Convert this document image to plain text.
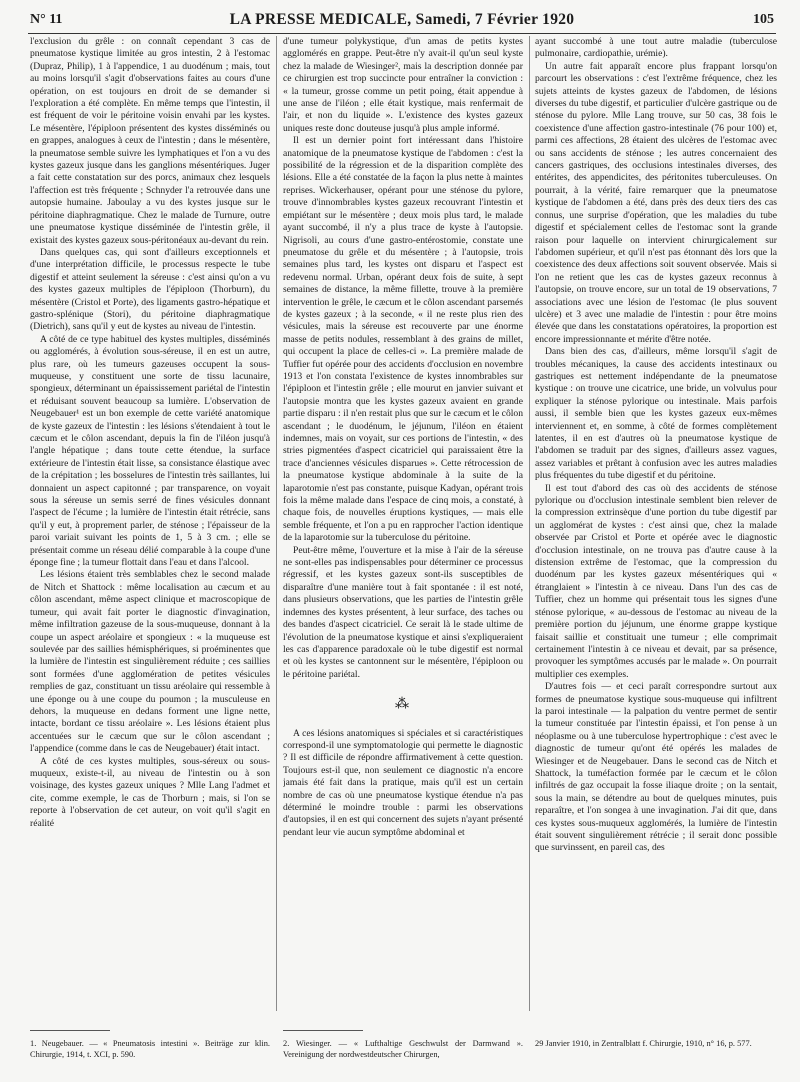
N° 11	LA PRESSE MEDICALE, Samedi, 7 Février 1920	105

l'exclusion du grêle : on connaît cependant 3 cas de pneumatose kystique limitée au gros intestin, 2 à l'estomac (Dupraz, Philip), 1 à l'appendice, 1 au duodénum ; mais, tout au moins lorsqu'il s'agit d'observations faites au cours d'une opération, on est toujours en droit de se demander si l'exploration a été complète. En même temps que l'intestin, il est fréquent de voir le péritoine voisin envahi par les kystes. Le mésentère, l'épiploon présentent des kystes disséminés ou en grappes, analogues à ceux de l'intestin ; dans le mésentère, la pneumatose semble suivre les lymphatiques et l'on a vu des kystes gazeux jusque dans les ganglions mésentériques. Juger a fait cette constatation sur des porcs, animaux chez lesquels l'affection est très fréquente ; Schnyder l'a retrouvée dans une autopsie humaine. Jaboulay a vu des kystes jusque sur le péritoine diaphragmatique. Chez le malade de Turnure, outre une pneumatose kystique disséminée de l'intestin grêle, il existait des kystes gazeux sous-péritonéaux au-devant du rein.

Dans quelques cas, qui sont d'ailleurs exceptionnels et d'une interprétation difficile, le processus respecte le tube digestif et atteint seulement la séreuse : c'est ainsi qu'on a vu des kystes gazeux multiples de l'épiploon (Thorburn), du mésentère (Cristol et Porte), des ligaments gastro-hépatique et gastro-splénique (Stori), du péritoine diaphragmatique (Dietrich), sans qu'il y eut de kystes au niveau de l'intestin.

A côté de ce type habituel des kystes multiples, disséminés ou agglomérés, à évolution sous-séreuse, il en est un autre, plus rare, où les tumeurs gazeuses occupent la sous-muqueuse, y constituent une sorte de tissu lacunaire, spongieux, déterminant un épaississement pariétal de l'intestin et réduisant souvent beaucoup sa lumière. L'observation de Neugebauer¹ est un bon exemple de cette variété anatomique de kyste gazeux de l'intestin : les lésions s'étendaient à tout le cæcum et le côlon ascendant, depuis la fin de l'iléon jusqu'à l'angle hépatique ; dans toute cette étendue, la surface extérieure de l'intestin était lisse, sa consistance élastique avec de la crépitation ; les bosselures de l'intestin très saillantes, lui donnaient un aspect capitonné ; par transparence, on voyait sous la séreuse un semis serré de fines vésicules donnant l'aspect de l'écume ; la lumière de l'intestin était rétrécie, sans qu'il y eut, à proprement parler, de sténose ; l'épaisseur de la paroi variait suivant les points de 1, 5 à 3 cm. ; elle se présentait comme un réseau délié comparable à la coupe d'une éponge fine ; la tumeur flottait dans l'eau et dans l'alcool.

Les lésions étaient très semblables chez le second malade de Nitch et Shattock : même localisation au cæcum et au côlon ascendant, même aspect clinique et macroscopique de tumeur, qui avait fait porter le diagnostic d'invagination, même infiltration gazeuse de la sous-muqueuse, donnant à la coupe un aspect aréolaire et spongieux : « la muqueuse est soulevée par des saillies hémisphériques, si proéminentes que la lumière de l'intestin est singulièrement réduite ; ces saillies sont formées d'une agglomération de petites vésicules remplies de gaz, constituant un tissu aréolaire qui ressemble à une éponge ou à une coupe du poumon ; la musculeuse en dehors, la muqueuse en dedans forment une ligne nette, intacte, bordant ce tissu aréolaire ». Les lésions étaient plus accentuées sur le cæcum que sur le côlon ascendant ; l'appendice (comme dans le cas de Neugebauer) était intact.

A côté de ces kystes multiples, sous-séreux ou sous-muqueux, existe-t-il, au niveau de l'intestin ou à son voisinage, des kystes gazeux uniques ? Mlle Lang l'admet et cite, comme exemple, le cas de Thorburn ; mais, si l'on se reporte à l'observation de cet auteur, on voit qu'il s'agit en réalité

d'une tumeur polykystique, d'un amas de petits kystes agglomérés en grappe. Peut-être n'y avait-il qu'un seul kyste chez la malade de Wiesinger², mais la description donnée par ce chirurgien est trop succincte pour entraîner la conviction : « la tumeur, grosse comme un petit poing, était appendue à une anse de l'iléon ; elle était kystique, mais renfermait de l'air, et non du liquide ». L'existence des kystes gazeux uniques reste donc douteuse jusqu'à plus ample informé.

Il est un dernier point fort intéressant dans l'histoire anatomique de la pneumatose kystique de l'abdomen : c'est la possibilité de la régression et de la disparition complète des lésions. Elle a été constatée de la façon la plus nette à maintes reprises. Wickerhauser, opérant pour une sténose du pylore, trouve d'innombrables kystes gazeux recouvrant l'intestin et empiétant sur le mésentère ; deux mois plus tard, le malade ayant succombé, il n'y a plus trace de kyste à l'autopsie. Nigrisoli, au cours d'une gastro-entérostomie, constate une pneumatose du grêle et du mésentère ; à l'autopsie, trois semaines plus tard, les kystes ont disparu et l'aspect est redevenu normal. Urban, opérant deux fois de suite, à sept semaines de distance, la même fillette, trouve à la première intervention le grêle, le cæcum et le côlon ascendant parsemés de kystes gazeux ; à la seconde, « il ne reste plus rien des vésicules, mais la séreuse est recouverte par une énorme masse de petits nodules, ressemblant à des grains de millet, qui occupent la place de celles-ci ». La première malade de Tuffier fut opérée pour des accidents d'occlusion en novembre 1913 et l'on constata l'existence de kystes innombrables sur l'épiploon et l'intestin grêle ; elle mourut en janvier suivant et l'autopsie montra que les kystes gazeux avaient en grande partie disparu : il n'en restait plus que sur le cæcum et le côlon ascendant ; le duodénum, le jéjunum, l'iléon en étaient indemnes, mais on voyait, sur ces portions de l'intestin, « des stries pigmentées d'aspect cicatriciel qui paraissaient être la trace d'anciennes vésicules disparues ». Cette rétrocession de la pneumatose kystique abdominale à la suite de la laparotomie n'est pas constante, puisque Kadyan, opérant trois fois la même malade dans l'espace de cinq mois, a constaté, à chaque fois, de nouvelles éruptions kystiques, — mais elle semble fréquente, et l'on a pu en rapprocher l'action identique de la laparotomie sur la tuberculose du péritoine.

Peut-être même, l'ouverture et la mise à l'air de la séreuse ne sont-elles pas indispensables pour déterminer ce processus régressif, et les kystes gazeux sont-ils susceptibles de disparaître d'une manière tout à fait spontanée : il est noté, dans plusieurs observations, que les parties de l'intestin grêle indemnes des kystes présentent, à leur surface, des taches ou des bandes d'aspect cicatriciel. Ce serait là le stade ultime de l'évolution de la pneumatose kystique et ainsi s'expliqueraient les cas d'apparence paradoxale où le tube digestif est normal et où les kystes se cantonnent sur le mésentère, l'épiploon ou le péritoine pariétal.

⁂

A ces lésions anatomiques si spéciales et si caractéristiques correspond-il une symptomatologie qui permette le diagnostic ? Il est difficile de répondre affirmativement à cette question. Toujours est-il que, non seulement ce diagnostic n'a encore jamais été fait dans la pratique, mais qu'il est un certain nombre de cas où une pneumatose kystique étendue n'a pas déterminé le moindre trouble : parmi les observations d'autopsies, il en est qui concernent des sujets n'ayant présenté pendant leur vie aucun symptôme abdominal et

ayant succombé à une tout autre maladie (tuberculose pulmonaire, cardiopathie, urémie).

Un autre fait apparaît encore plus frappant lorsqu'on parcourt les observations : c'est l'extrême fréquence, chez les sujets atteints de kystes gazeux de l'abdomen, de lésions diverses du tube digestif, et particulier d'ulcère gastrique ou de sténose du pylore. Mlle Lang trouve, sur 50 cas, 38 fois le coexistence d'une affection gastro-intestinale (76 pour 100) et, parmi ces affections, 28 étaient des ulcères de l'estomac avec ou sans accidents de sténose ; les autres concernaient des cancers gastriques, des occlusions intestinales diverses, des entérites, des appendicites, des péritonites tuberculeuses. On pourrait, à la vérité, faire remarquer que la pneumatose kystique de l'abdomen a été, dans près des deux tiers des cas connus, une surprise d'opération, que les maladies du tube digestif et spécialement celles de l'estomac sont la grande raison pour laquelle on intervient chirurgicalement sur l'abdomen supérieur, et qu'il n'est pas étonnant dès lors que la coexistence des deux affections soit souvent observée. Mais si l'on ne retient que les cas de kystes gazeux reconnus à l'autopsie, on trouve encore, sur un total de 19 observations, 7 associations avec une lésion de l'estomac (le plus souvent ulcère) et 3 avec une maladie de l'intestin : pour être moins élevée que dans les constatations opératoires, la proportion est encore impressionnante et mérite d'être notée.

Dans bien des cas, d'ailleurs, même lorsqu'il s'agit de troubles mécaniques, la cause des accidents intestinaux ou gastriques est nettement indépendante de la pneumatose kystique : on trouve une cicatrice, une bride, un volvulus pour expliquer la sténose pylorique ou intestinale. Mais parfois aussi, il semble bien que les kystes gazeux eux-mêmes interviennent et, en somme, à côté de formes complètement latentes, il en est d'autres où la pneumatose kystique de l'abdomen se traduit par des signes, d'ailleurs assez vagues, assez variables et prêtant à confusion avec les autres maladies plus fréquentes du tube digestif et du péritoine.

Il est tout d'abord des cas où des accidents de sténose pylorique ou d'occlusion intestinale semblent bien relever de la compression extrinsèque d'une portion du tube digestif par un agglomérat de kystes : c'est ainsi que, chez la malade observée par Cristol et Porte et opérée avec le diagnostic d'occlusion intestinale, on ne trouva pas d'autre cause à la distension extrême de l'estomac, que la compression du duodénum par les kystes gazeux mésentériques qui « étranglaient » l'intestin à ce niveau. Dans l'un des cas de Tuffier, chez un homme qui présentait tous les signes d'une sténose pylorique, « au-dessous de l'estomac au niveau de la première portion du jéjunum, une énorme grappe kystique faisait saillie et constituait une tumeur ; elle comprimait certainement l'intestin à ce niveau et devait, par sa présence, provoquer les symptômes accusés par le malade ». On pourrait multiplier ces exemples.

D'autres fois — et ceci paraît correspondre surtout aux formes de pneumatose kystique sous-muqueuse qui infiltrent la paroi intestinale — la palpation du ventre permet de sentir la tumeur constituée par l'intestin épaissi, et l'on pense à un néoplasme ou à une tuberculose hypertrophique : c'est avec le diagnostic de tumeur qu'ont été opérés les malades de Wiesinger et de Neugebauer. Dans le second cas de Nitch et Shattock, la tuméfaction formée par le cæcum et le côlon infiltrés de gaz occupait la fosse iliaque droite ; on la sentait, sous la main, se détendre au bout de quelques minutes, puis reparaître, et l'on songea à une invagination. J'ai dit que, dans ces kystes sous-muqueux agglomérés, la lumière de l'intestin était souvent singulièrement rétrécie ; il serait donc possible que survinssent, en pareil cas, des

1. Neugebauer. — « Pneumatosis intestini ». Beiträge zur klin. Chirurgie, 1914, t. XCI, p. 590.
2. Wiesinger. — « Lufthaltige Geschwulst der Darmwand ». Vereinigung der nordwestdeutscher Chirurgen,
29 Janvier 1910, in Zentralblatt f. Chirurgie, 1910, n° 16, p. 577.
